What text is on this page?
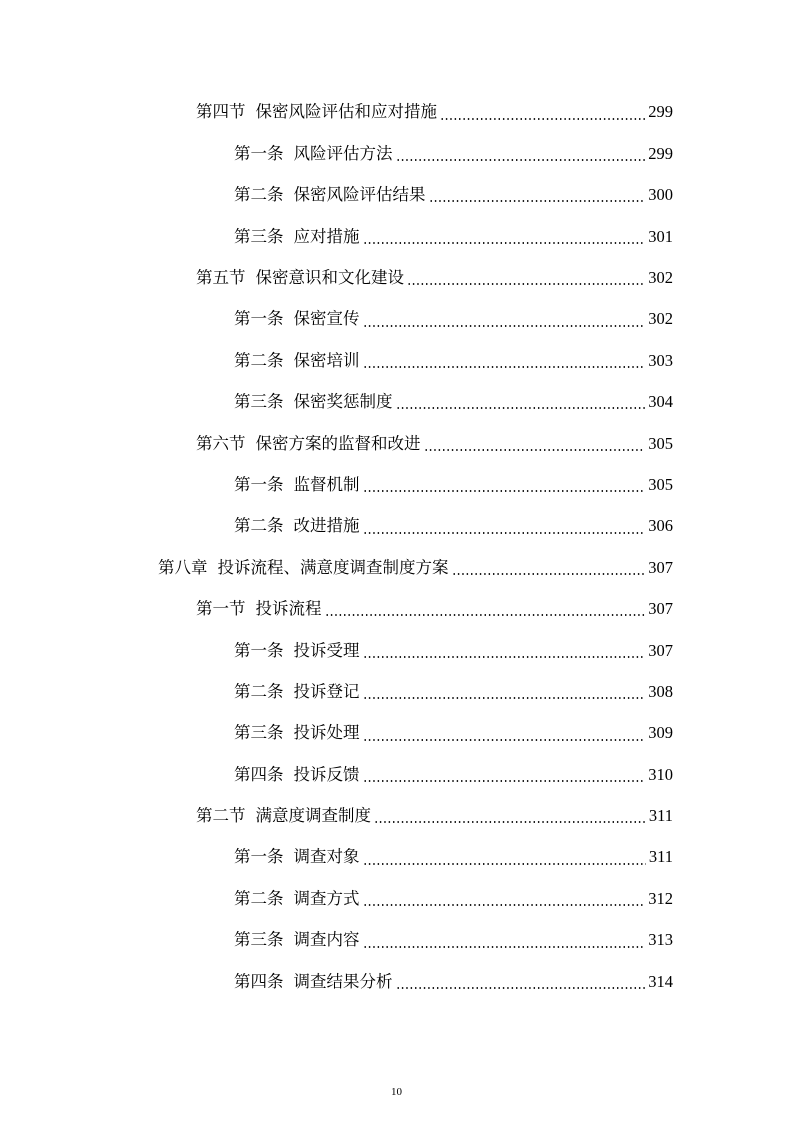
第四节 保密风险评估和应对措施	299
第一条 风险评估方法	299
第二条 保密风险评估结果	300
第三条 应对措施	301
第五节 保密意识和文化建设	302
第一条 保密宣传	302
第二条 保密培训	303
第三条 保密奖惩制度	304
第六节 保密方案的监督和改进	305
第一条 监督机制	305
第二条 改进措施	306
第八章 投诉流程、满意度调查制度方案	307
第一节 投诉流程	307
第一条 投诉受理	307
第二条 投诉登记	308
第三条 投诉处理	309
第四条 投诉反馈	310
第二节 满意度调查制度	311
第一条 调查对象	311
第二条 调查方式	312
第三条 调查内容	313
第四条 调查结果分析	314
10
